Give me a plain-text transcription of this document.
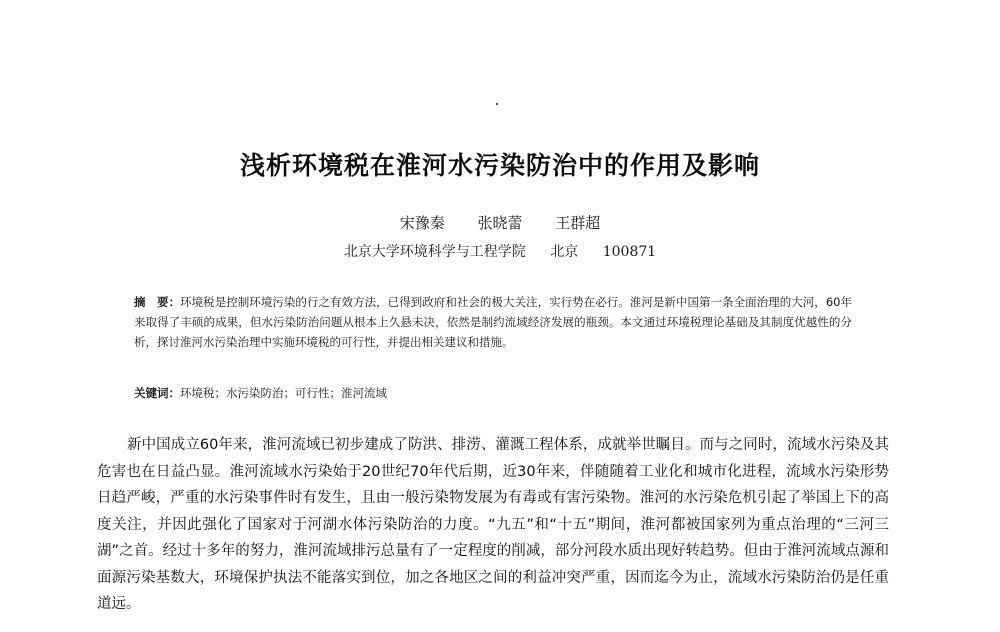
浅析环境税在淮河水污染防治中的作用及影响
宋豫秦 张晓蕾 王群超
北京大学环境科学与工程学院 北京 100871
摘　要：环境税是控制环境污染的行之有效方法，已得到政府和社会的极大关注，实行势在必行。淮河是新中国第一条全面治理的大河，60年来取得了丰硕的成果，但水污染防治问题从根本上久悬未决，依然是制约流域经济发展的瓶颈。本文通过环境税理论基础及其制度优越性的分析，探讨淮河水污染治理中实施环境税的可行性，并提出相关建议和措施。
关键词：环境税；水污染防治；可行性；淮河流域

新中国成立60年来，淮河流域已初步建成了防洪、排涝、灌溉工程体系，成就举世瞩目。而与之同时，流域水污染及其危害也在日益凸显。淮河流域水污染始于20世纪70年代后期，近30年来，伴随随着工业化和城市化进程，流域水污染形势日趋严峻，严重的水污染事件时有发生，且由一般污染物发展为有毒或有害污染物。淮河的水污染危机引起了举国上下的高度关注，并因此强化了国家对于河湖水体污染防治的力度。“九五”和“十五”期间，淮河都被国家列为重点治理的“三河三湖”之首。经过十多年的努力，淮河流域排污总量有了一定程度的削减，部分河段水质出现好转趋势。但由于淮河流域点源和面源污染基数大，环境保护执法不能落实到位，加之各地区之间的利益冲突严重，因而迄今为止，流域水污染防治仍是任重道远。
